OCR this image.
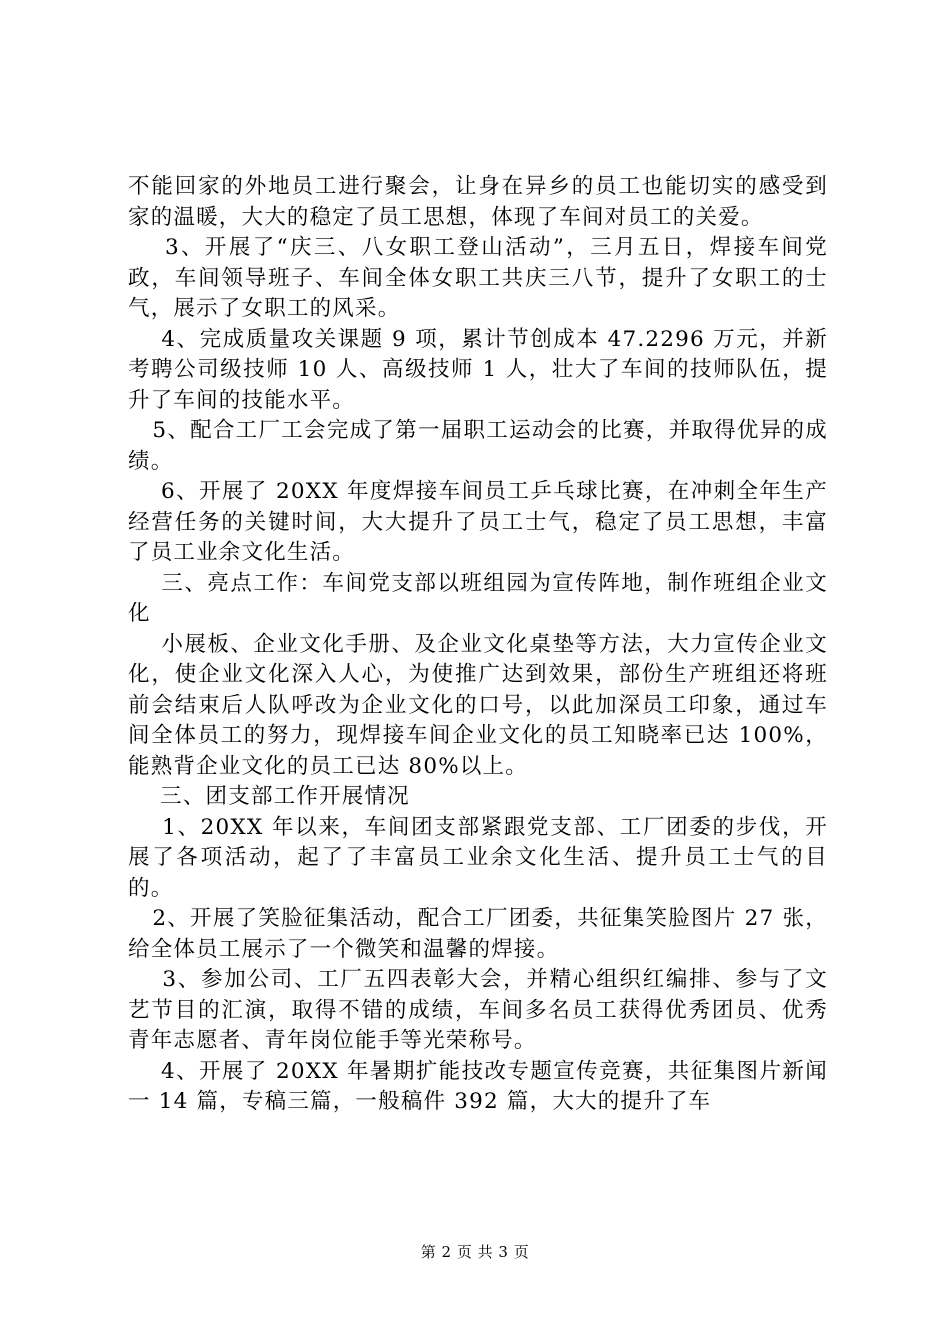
不能回家的外地员工进行聚会，让身在异乡的员工也能切实的感受到家的温暖，大大的稳定了员工思想，体现了车间对员工的关爱。

3、开展了“庆三、八女职工登山活动”，三月五日，焊接车间党政，车间领导班子、车间全体女职工共庆三八节，提升了女职工的士气，展示了女职工的风采。

4、完成质量攻关课题 9 项，累计节创成本 47.2296 万元，并新考聘公司级技师 10 人、高级技师 1 人，壮大了车间的技师队伍，提升了车间的技能水平。

5、配合工厂工会完成了第一届职工运动会的比赛，并取得优异的成绩。

6、开展了 20XX 年度焊接车间员工乒乓球比赛，在冲刺全年生产经营任务的关键时间，大大提升了员工士气，稳定了员工思想，丰富了员工业余文化生活。

三、亮点工作：车间党支部以班组园为宣传阵地，制作班组企业文化

小展板、企业文化手册、及企业文化桌垫等方法，大力宣传企业文化，使企业文化深入人心，为使推广达到效果，部份生产班组还将班前会结束后人队呼改为企业文化的口号，以此加深员工印象，通过车间全体员工的努力，现焊接车间企业文化的员工知晓率已达 100%，能熟背企业文化的员工已达 80%以上。

三、团支部工作开展情况

1、20XX 年以来，车间团支部紧跟党支部、工厂团委的步伐，开展了各项活动，起了了丰富员工业余文化生活、提升员工士气的目的。

2、开展了笑脸征集活动，配合工厂团委，共征集笑脸图片 27 张，给全体员工展示了一个微笑和温馨的焊接。

3、参加公司、工厂五四表彰大会，并精心组织红编排、参与了文艺节目的汇演，取得不错的成绩，车间多名员工获得优秀团员、优秀青年志愿者、青年岗位能手等光荣称号。

4、开展了 20XX 年暑期扩能技改专题宣传竞赛，共征集图片新闻一 14 篇，专稿三篇，一般稿件 392 篇，大大的提升了车

第 2 页 共 3 页
